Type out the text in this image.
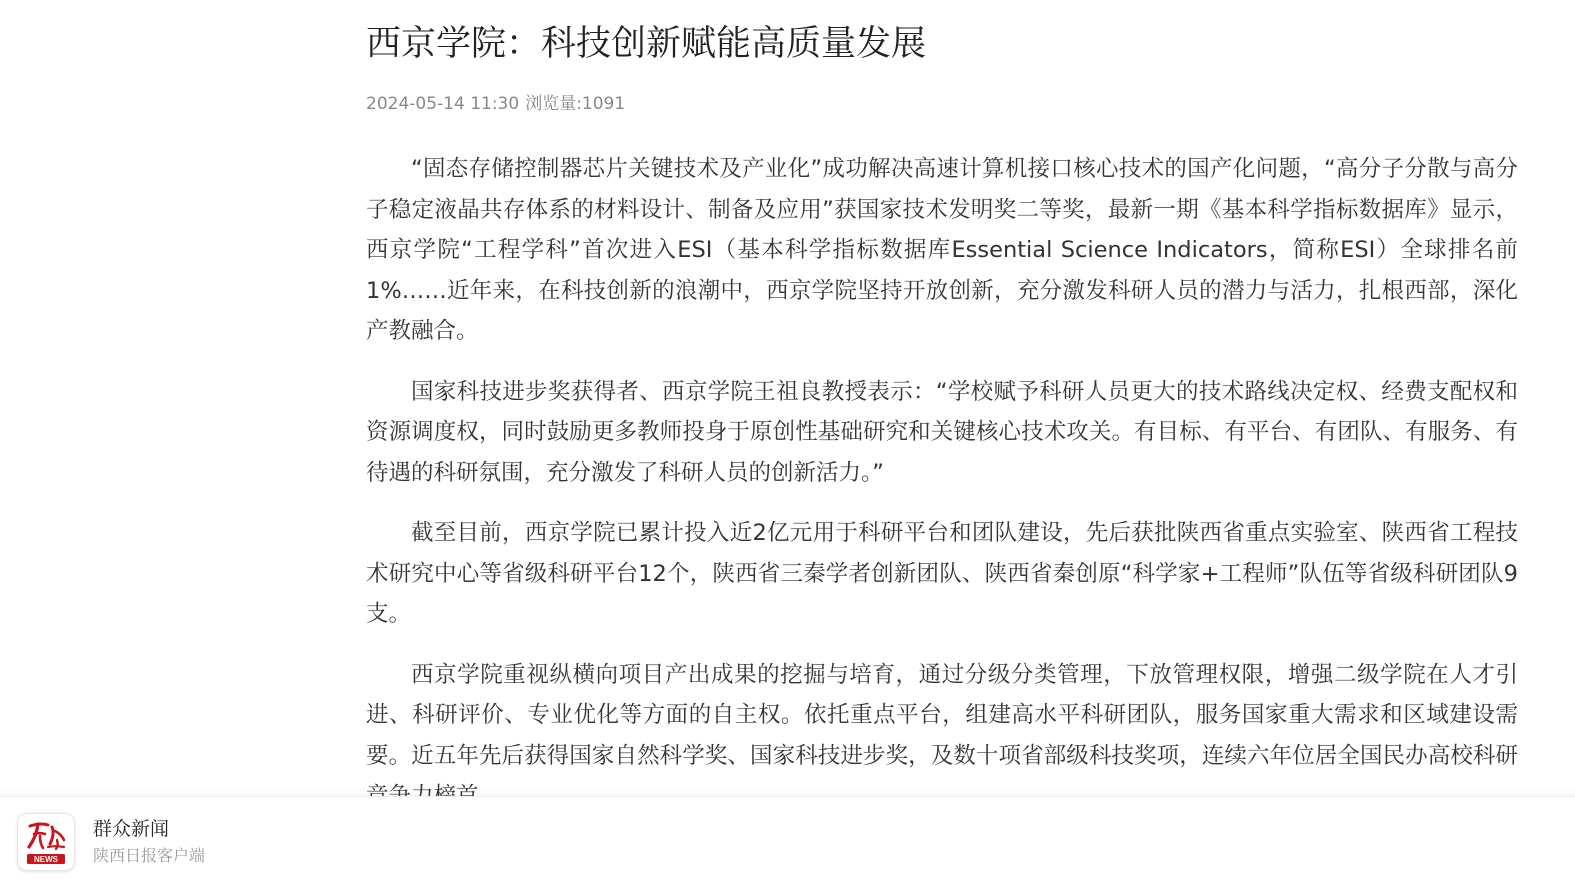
西京学院：科技创新赋能高质量发展
2024-05-14 11:30 浏览量:1091

“固态存储控制器芯片关键技术及产业化”成功解决高速计算机接口核心技术的国产化问题，“高分子分散与高分子稳定液晶共存体系的材料设计、制备及应用”获国家技术发明奖二等奖，最新一期《基本科学指标数据库》显示，西京学院“工程学科”首次进入ESI（基本科学指标数据库Essential Science Indicators，简称ESI）全球排名前1%……近年来，在科技创新的浪潮中，西京学院坚持开放创新，充分激发科研人员的潜力与活力，扎根西部，深化产教融合。

国家科技进步奖获得者、西京学院王祖良教授表示：“学校赋予科研人员更大的技术路线决定权、经费支配权和资源调度权，同时鼓励更多教师投身于原创性基础研究和关键核心技术攻关。有目标、有平台、有团队、有服务、有待遇的科研氛围，充分激发了科研人员的创新活力。”

截至目前，西京学院已累计投入近2亿元用于科研平台和团队建设，先后获批陕西省重点实验室、陕西省工程技术研究中心等省级科研平台12个，陕西省三秦学者创新团队、陕西省秦创原“科学家+工程师”队伍等省级科研团队9支。

西京学院重视纵横向项目产出成果的挖掘与培育，通过分级分类管理，下放管理权限，增强二级学院在人才引进、科研评价、专业优化等方面的自主权。依托重点平台，组建高水平科研团队，服务国家重大需求和区域建设需要。近五年先后获得国家自然科学奖、国家科技进步奖，及数十项省部级科技奖项，连续六年位居全国民办高校科研

NEWS
群众新闻
陕西日报客户端
